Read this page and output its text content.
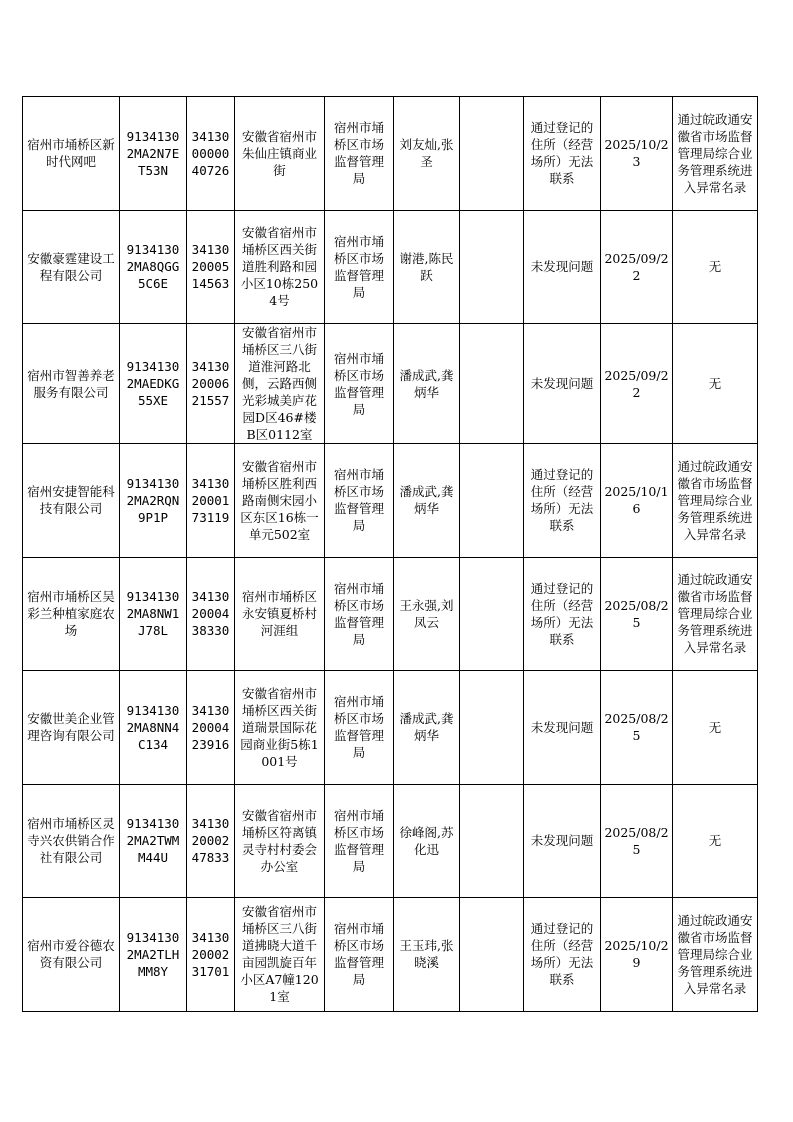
宿州市埇桥区新时代网吧	91341302MA2N7ET53N	341300000040726	安徽省宿州市朱仙庄镇商业街	宿州市埇桥区市场监督管理局	刘友灿,张圣		通过登记的住所（经营场所）无法联系	2025/10/23	通过皖政通安徽省市场监督管理局综合业务管理系统进入异常名录
安徽豪霆建设工程有限公司	91341302MA8QGG5C6E	341302000514563	安徽省宿州市埇桥区西关街道胜利路和园小区10栋2504号	宿州市埇桥区市场监督管理局	谢港,陈民跃		未发现问题	2025/09/22	无
宿州市智善养老服务有限公司	91341302MAEDKG55XE	341302000621557	安徽省宿州市埇桥区三八街道淮河路北侧，云路西侧光彩城美庐花园D区46#楼B区0112室	宿州市埇桥区市场监督管理局	潘成武,龚炳华		未发现问题	2025/09/22	无
宿州安捷智能科技有限公司	91341302MA2RQN9P1P	341302000173119	安徽省宿州市埇桥区胜利西路南侧宋园小区东区16栋一单元502室	宿州市埇桥区市场监督管理局	潘成武,龚炳华		通过登记的住所（经营场所）无法联系	2025/10/16	通过皖政通安徽省市场监督管理局综合业务管理系统进入异常名录
宿州市埇桥区吴彩兰种植家庭农场	91341302MA8NW1J78L	341302000438330	宿州市埇桥区永安镇夏桥村河涯组	宿州市埇桥区市场监督管理局	王永强,刘凤云		通过登记的住所（经营场所）无法联系	2025/08/25	通过皖政通安徽省市场监督管理局综合业务管理系统进入异常名录
安徽世美企业管理咨询有限公司	91341302MA8NN4C134	341302000423916	安徽省宿州市埇桥区西关街道瑞景国际花园商业街5栋1001号	宿州市埇桥区市场监督管理局	潘成武,龚炳华		未发现问题	2025/08/25	无
宿州市埇桥区灵寺兴农供销合作社有限公司	91341302MA2TWMM44U	341302000247833	安徽省宿州市埇桥区符离镇灵寺村村委会办公室	宿州市埇桥区市场监督管理局	徐峰阁,苏化迅		未发现问题	2025/08/25	无
宿州市爱谷德农资有限公司	91341302MA2TLHMM8Y	341302000231701	安徽省宿州市埇桥区三八街道拂晓大道千亩园凯旋百年小区A7幢1201室	宿州市埇桥区市场监督管理局	王玉玮,张晓溪		通过登记的住所（经营场所）无法联系	2025/10/29	通过皖政通安徽省市场监督管理局综合业务管理系统进入异常名录
